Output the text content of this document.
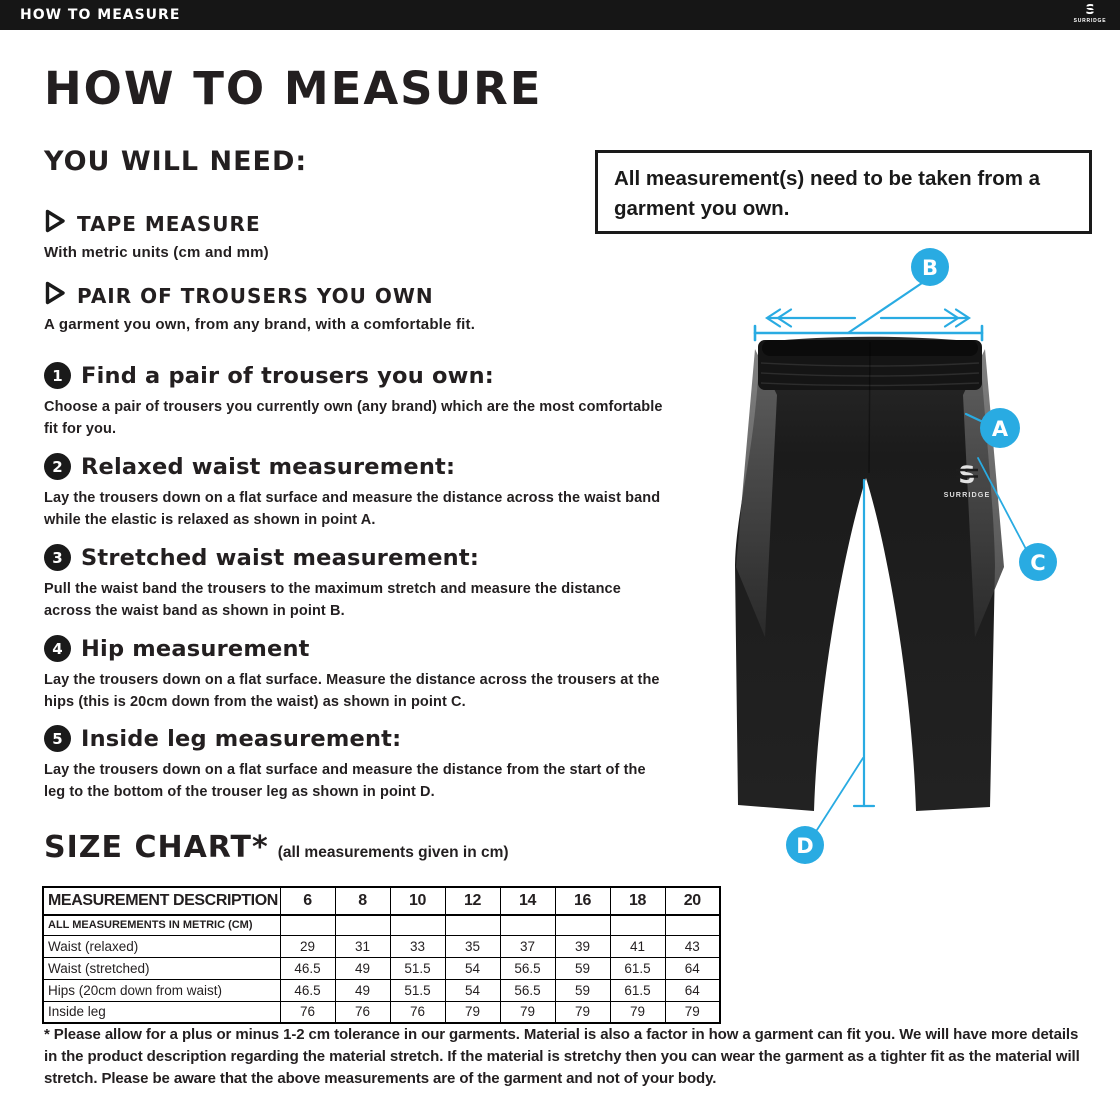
HOW TO MEASURE	S
SURRIDGE
HOW TO MEASURE
YOU WILL NEED:
TAPE MEASURE
With metric units (cm and mm)
PAIR OF TROUSERS YOU OWN
A garment you own, from any brand, with a comfortable fit.
All measurement(s) need to be taken from a garment you own.
1 Find a pair of trousers you own:
Choose a pair of trousers you currently own (any brand) which are the most comfortable fit for you.
2 Relaxed waist measurement:
Lay the trousers down on a flat surface and measure the distance across the waist band while the elastic is relaxed as shown in point A.
3 Stretched waist measurement:
Pull the waist band the trousers to the maximum stretch and measure the distance across the waist band as shown in point B.
4 Hip measurement
Lay the trousers down on a flat surface. Measure the distance across the trousers at the hips (this is 20cm down from the waist) as shown in point C.
5 Inside leg measurement:
Lay the trousers down on a flat surface and measure the distance from the start of the leg to the bottom of the trouser leg as shown in point D.
S
SURRIDGE
B
A
C
D
SIZE CHART* (all measurements given in cm)
MEASUREMENT DESCRIPTION	6	8	10	12	14	16	18	20
ALL MEASUREMENTS IN METRIC (CM)								
Waist (relaxed)	29	31	33	35	37	39	41	43
Waist (stretched)	46.5	49	51.5	54	56.5	59	61.5	64
Hips (20cm down from waist)	46.5	49	51.5	54	56.5	59	61.5	64
Inside leg	76	76	76	79	79	79	79	79
* Please allow for a plus or minus 1-2 cm tolerance in our garments. Material is also a factor in how a garment can fit you. We will have more details in the product description regarding the material stretch. If the material is stretchy then you can wear the garment as a tighter fit as the material will stretch. Please be aware that the above measurements are of the garment and not of your body.
